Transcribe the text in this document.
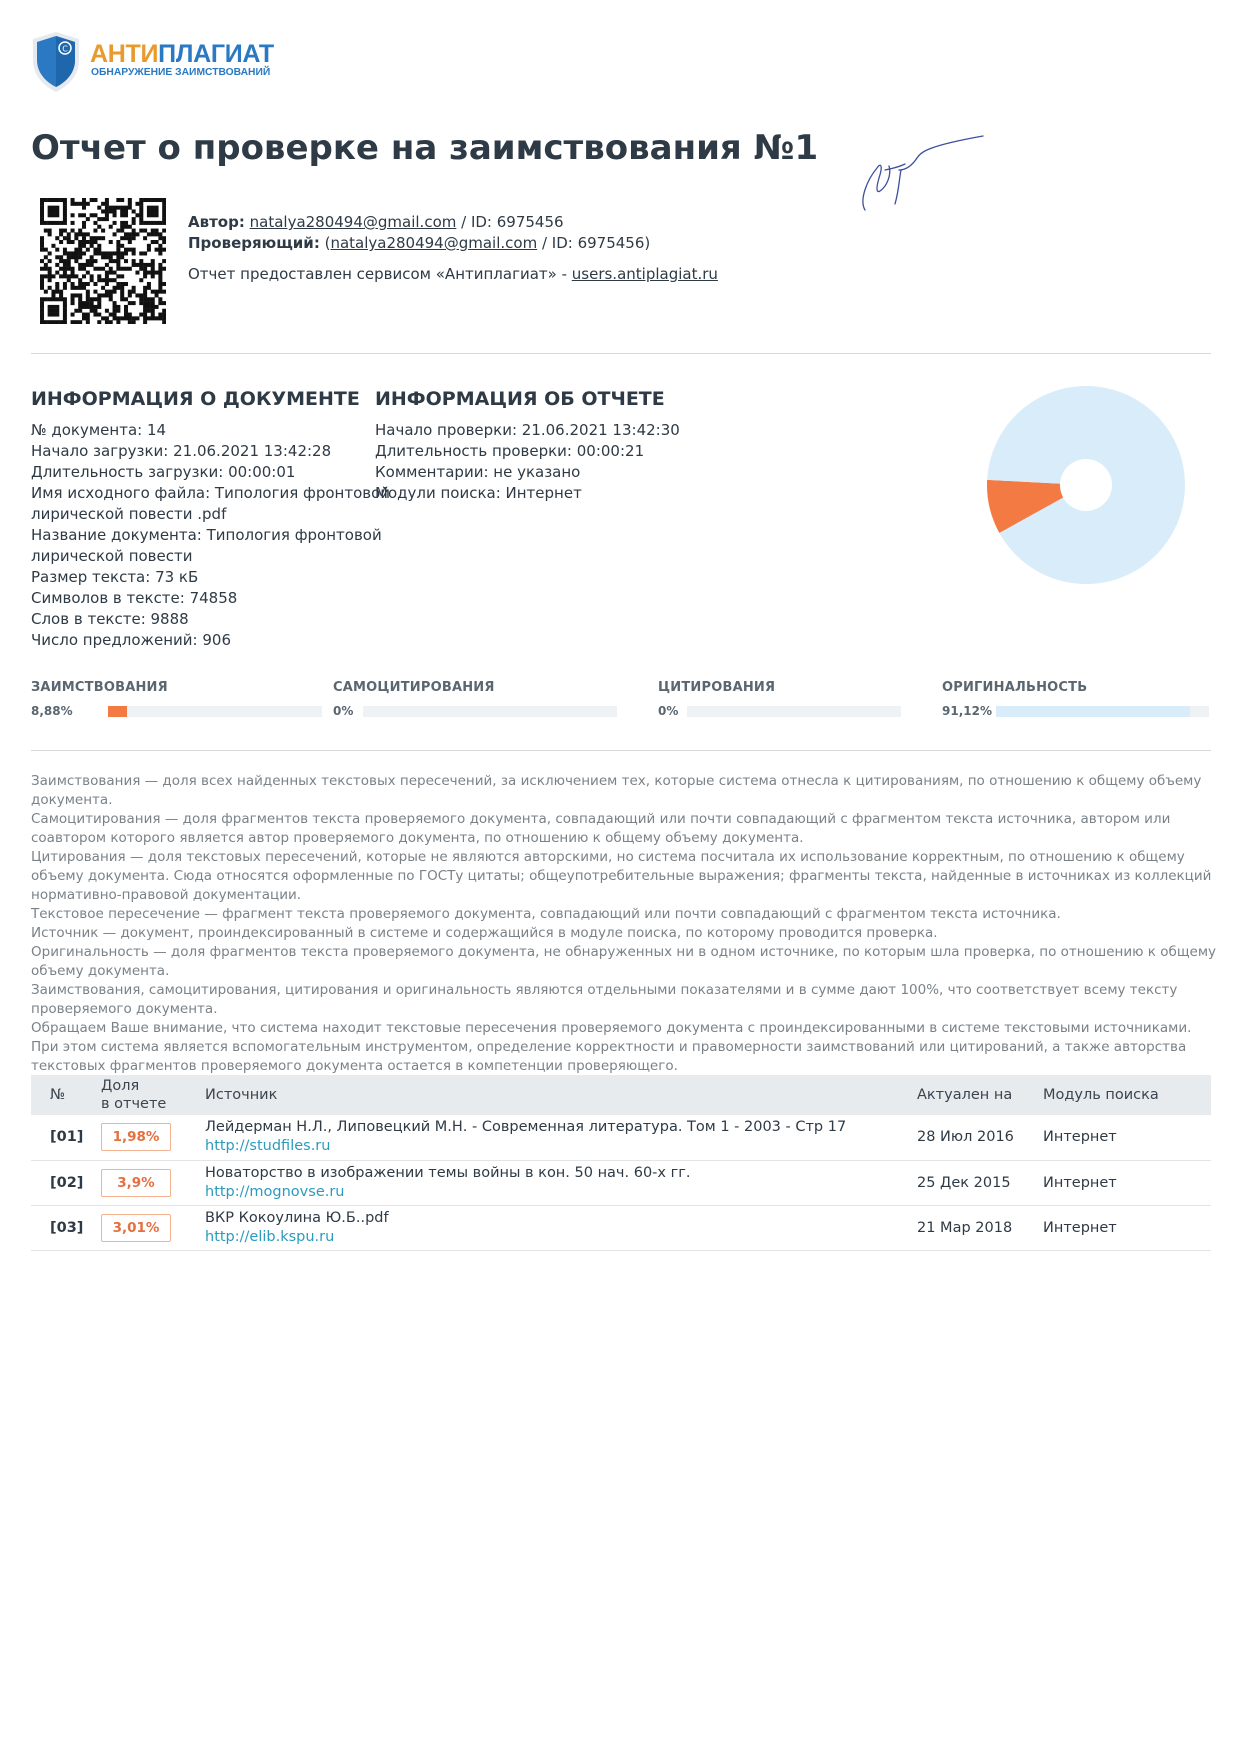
C АНТИПЛАГИАТ
ОБНАРУЖЕНИЕ ЗАИМСТВОВАНИЙ
Отчет о проверке на заимствования №1
Автор: natalya280494@gmail.com / ID: 6975456
Проверяющий: (natalya280494@gmail.com / ID: 6975456)
Отчет предоставлен сервисом «Антиплагиат» - users.antiplagiat.ru
ИНФОРМАЦИЯ О ДОКУМЕНТЕ
№ документа: 14
Начало загрузки: 21.06.2021 13:42:28
Длительность загрузки: 00:00:01
Имя исходного файла: Типология фронтовой
лирической повести .pdf
Название документа: Типология фронтовой
лирической повести
Размер текста: 73 кБ
Символов в тексте: 74858
Слов в тексте: 9888
Число предложений: 906
ИНФОРМАЦИЯ ОБ ОТЧЕТЕ
Начало проверки: 21.06.2021 13:42:30
Длительность проверки: 00:00:21
Комментарии: не указано
Модули поиска: Интернет
ЗАИМСТВОВАНИЯ
8,88%
САМОЦИТИРОВАНИЯ
0%
ЦИТИРОВАНИЯ
0%
ОРИГИНАЛЬНОСТЬ
91,12%
Заимствования — доля всех найденных текстовых пересечений, за исключением тех, которые система отнесла к цитированиям, по отношению к общему объему документа.
Самоцитирования — доля фрагментов текста проверяемого документа, совпадающий или почти совпадающий с фрагментом текста источника, автором или соавтором которого является автор проверяемого документа, по отношению к общему объему документа.
Цитирования — доля текстовых пересечений, которые не являются авторскими, но система посчитала их использование корректным, по отношению к общему объему документа. Сюда относятся оформленные по ГОСТу цитаты; общеупотребительные выражения; фрагменты текста, найденные в источниках из коллекций нормативно-правовой документации.
Текстовое пересечение — фрагмент текста проверяемого документа, совпадающий или почти совпадающий с фрагментом текста источника.
Источник — документ, проиндексированный в системе и содержащийся в модуле поиска, по которому проводится проверка.
Оригинальность — доля фрагментов текста проверяемого документа, не обнаруженных ни в одном источнике, по которым шла проверка, по отношению к общему объему документа.
Заимствования, самоцитирования, цитирования и оригинальность являются отдельными показателями и в сумме дают 100%, что соответствует всему тексту проверяемого документа.
Обращаем Ваше внимание, что система находит текстовые пересечения проверяемого документа с проиндексированными в системе текстовыми источниками. При этом система является вспомогательным инструментом, определение корректности и правомерности заимствований или цитирований, а также авторства текстовых фрагментов проверяемого документа остается в компетенции проверяющего.
№	Доля
в отчете	Источник	Актуален на	Модуль поиска
[01]	1,98%	Лейдерман Н.Л., Липовецкий М.Н. - Современная литература. Том 1 - 2003 - Стр 17
http://studfiles.ru	28 Июл 2016	Интернет
[02]	3,9%	Новаторство в изображении темы войны в кон. 50 нач. 60-х гг.
http://mognovse.ru	25 Дек 2015	Интернет
[03]	3,01%	ВКР Кокоулина Ю.Б..pdf
http://elib.kspu.ru	21 Мар 2018	Интернет
